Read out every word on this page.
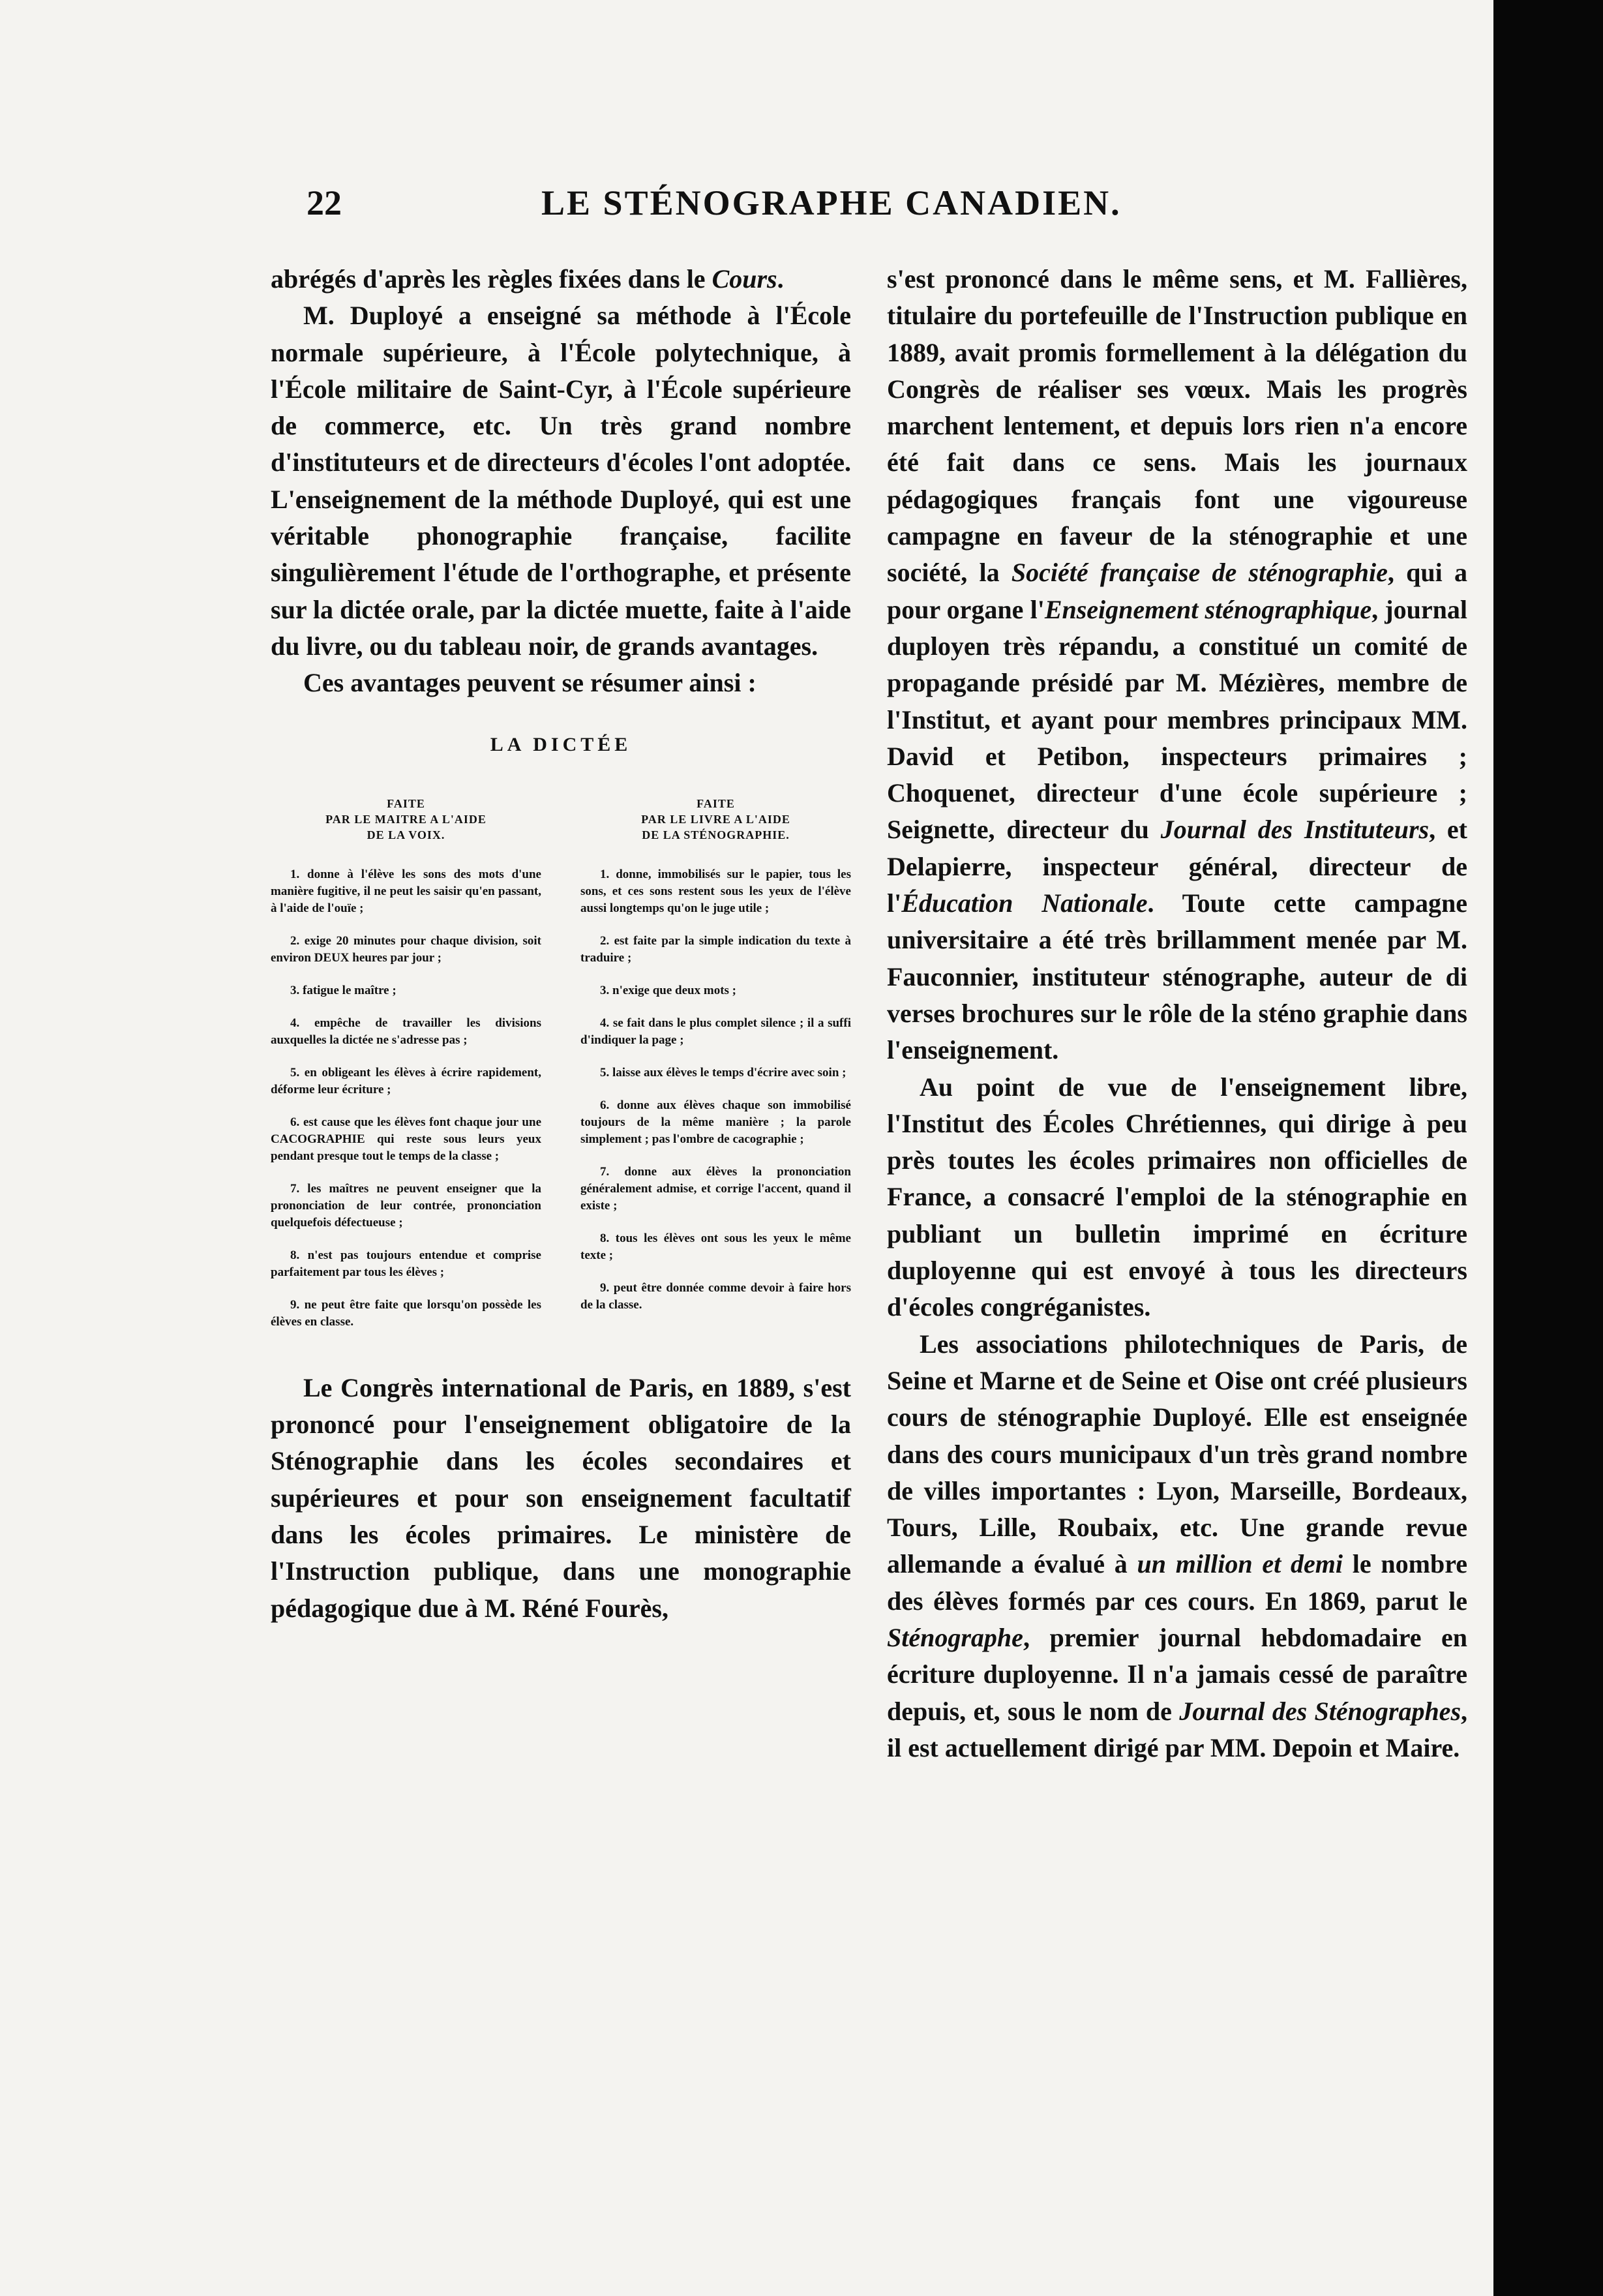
22	LE STÉNOGRAPHE CANADIEN.

abrégés d'après les règles fixées dans le Cours.

M. Duployé a enseigné sa méthode à l'École normale supérieure, à l'École polytechnique, à l'École militaire de Saint-Cyr, à l'École supérieure de commerce, etc. Un très grand nombre d'instituteurs et de directeurs d'écoles l'ont adoptée. L'enseignement de la méthode Duployé, qui est une véritable phonographie française, facilite singulièrement l'étude de l'orthographe, et présente sur la dictée orale, par la dictée muette, faite à l'aide du livre, ou du tableau noir, de grands avantages.

Ces avantages peuvent se résumer ainsi :

LA DICTÉE
FAITE
PAR LE MAITRE A L'AIDE
DE LA VOIX.
1. donne à l'élève les sons des mots d'une manière fugitive, il ne peut les saisir qu'en passant, à l'aide de l'ouïe ;
2. exige 20 minutes pour chaque division, soit environ DEUX heures par jour ;
3. fatigue le maître ;
4. empêche de travailler les divisions auxquelles la dictée ne s'adresse pas ;
5. en obligeant les élèves à écrire rapidement, déforme leur écriture ;
6. est cause que les élèves font chaque jour une CACOGRAPHIE qui reste sous leurs yeux pendant presque tout le temps de la classe ;
7. les maîtres ne peuvent enseigner que la prononciation de leur contrée, prononciation quelquefois défectueuse ;
8. n'est pas toujours entendue et comprise parfaitement par tous les élèves ;
9. ne peut être faite que lorsqu'on possède les élèves en classe.
FAITE
PAR LE LIVRE A L'AIDE
DE LA STÉNOGRAPHIE.
1. donne, immobilisés sur le papier, tous les sons, et ces sons restent sous les yeux de l'élève aussi longtemps qu'on le juge utile ;
2. est faite par la simple indication du texte à traduire ;
3. n'exige que deux mots ;
4. se fait dans le plus complet silence ; il a suffi d'indiquer la page ;
5. laisse aux élèves le temps d'écrire avec soin ;
6. donne aux élèves chaque son immobilisé toujours de la même manière ; la parole simplement ; pas l'ombre de cacographie ;
7. donne aux élèves la prononciation généralement admise, et corrige l'accent, quand il existe ;
8. tous les élèves ont sous les yeux le même texte ;
9. peut être donnée comme devoir à faire hors de la classe.

Le Congrès international de Paris, en 1889, s'est prononcé pour l'enseignement obligatoire de la Sténographie dans les écoles secondaires et supérieures et pour son enseignement facultatif dans les écoles primaires. Le ministère de l'Instruction publique, dans une monographie pédagogique due à M. Réné Fourès,

s'est prononcé dans le même sens, et M. Fallières, titulaire du portefeuille de l'Instruction publique en 1889, avait promis formellement à la délégation du Congrès de réaliser ses vœux. Mais les progrès marchent lentement, et depuis lors rien n'a encore été fait dans ce sens. Mais les journaux pédagogiques français font une vigoureuse campagne en faveur de la sténographie et une société, la Société française de sténographie, qui a pour organe l'Enseignement sténographique, journal duployen très répandu, a constitué un comité de propagande présidé par M. Mézières, membre de l'Institut, et ayant pour membres principaux MM. David et Petibon, inspecteurs primaires ; Choquenet, directeur d'une école supérieure ; Seignette, directeur du Journal des Instituteurs, et Delapierre, inspecteur général, directeur de l'Éducation Nationale. Toute cette campagne universitaire a été très brillamment menée par M. Fauconnier, instituteur sténographe, auteur de di verses brochures sur le rôle de la sténo graphie dans l'enseignement.

Au point de vue de l'enseignement libre, l'Institut des Écoles Chrétiennes, qui dirige à peu près toutes les écoles primaires non officielles de France, a consacré l'emploi de la sténographie en publiant un bulletin imprimé en écriture duployenne qui est envoyé à tous les directeurs d'écoles congréganistes.

Les associations philotechniques de Paris, de Seine et Marne et de Seine et Oise ont créé plusieurs cours de sténographie Duployé. Elle est enseignée dans des cours municipaux d'un très grand nombre de villes importantes : Lyon, Marseille, Bordeaux, Tours, Lille, Roubaix, etc. Une grande revue allemande a évalué à un million et demi le nombre des élèves formés par ces cours. En 1869, parut le Sténographe, premier journal hebdomadaire en écriture duployenne. Il n'a jamais cessé de paraître depuis, et, sous le nom de Journal des Sténographes, il est actuellement dirigé par MM. Depoin et Maire.
